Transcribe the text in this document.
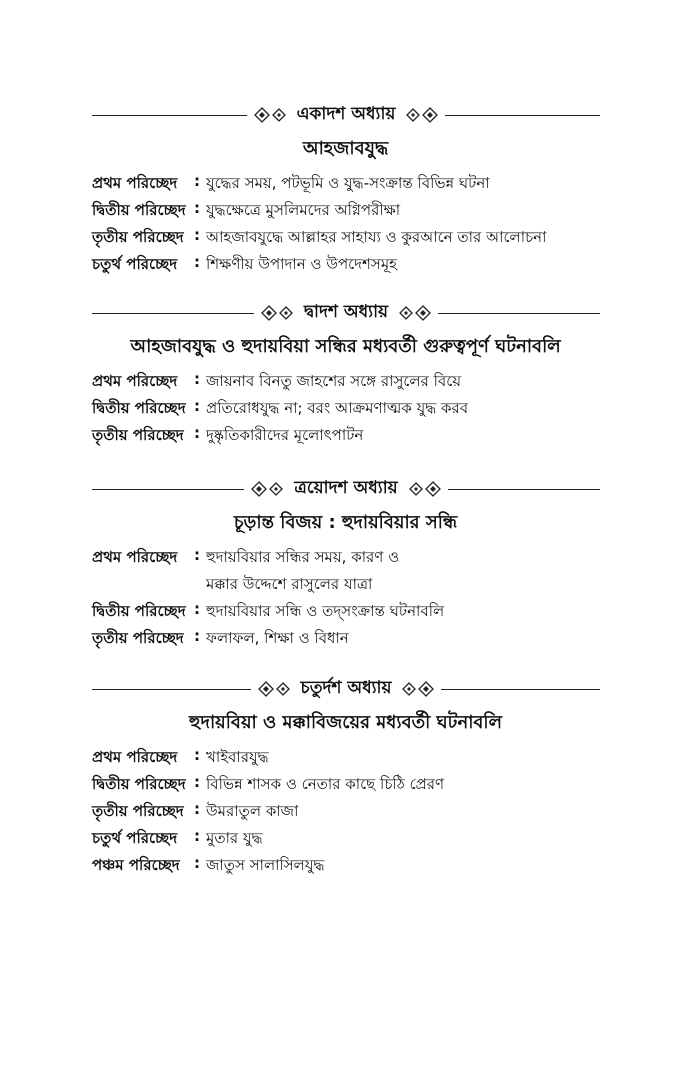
একাদশ অধ্যায়
আহজাবযুদ্ধ
প্রথম পরিচ্ছেদ : যুদ্ধের সময়, পটভূমি ও যুদ্ধ-সংক্রান্ত বিভিন্ন ঘটনা
দ্বিতীয় পরিচ্ছেদ : যুদ্ধক্ষেত্রে মুসলিমদের অগ্নিপরীক্ষা
তৃতীয় পরিচ্ছেদ : আহজাবযুদ্ধে আল্লাহর সাহায্য ও কুরআনে তার আলোচনা
চতুর্থ পরিচ্ছেদ : শিক্ষণীয় উপাদান ও উপদেশসমূহ
দ্বাদশ অধ্যায়
আহজাবযুদ্ধ ও হুদায়বিয়া সন্ধির মধ্যবর্তী গুরুত্বপূর্ণ ঘটনাবলি
প্রথম পরিচ্ছেদ : জায়নাব বিনতু জাহশের সঙ্গে রাসুলের বিয়ে
দ্বিতীয় পরিচ্ছেদ : প্রতিরোধযুদ্ধ না; বরং আক্রমণাত্মক যুদ্ধ করব
তৃতীয় পরিচ্ছেদ : দুষ্কৃতিকারীদের মূলোৎপাটন
ত্রয়োদশ অধ্যায়
চূড়ান্ত বিজয় : হুদায়বিয়ার সন্ধি
প্রথম পরিচ্ছেদ : হুদায়বিয়ার সন্ধির সময়, কারণ ও
মক্কার উদ্দেশে রাসুলের যাত্রা
দ্বিতীয় পরিচ্ছেদ : হুদায়বিয়ার সন্ধি ও তদ্‌সংক্রান্ত ঘটনাবলি
তৃতীয় পরিচ্ছেদ : ফলাফল, শিক্ষা ও বিধান
চতুর্দশ অধ্যায়
হুদায়বিয়া ও মক্কাবিজয়ের মধ্যবর্তী ঘটনাবলি
প্রথম পরিচ্ছেদ : খাইবারযুদ্ধ
দ্বিতীয় পরিচ্ছেদ : বিভিন্ন শাসক ও নেতার কাছে চিঠি প্রেরণ
তৃতীয় পরিচ্ছেদ : উমরাতুল কাজা
চতুর্থ পরিচ্ছেদ : মুতার যুদ্ধ
পঞ্চম পরিচ্ছেদ : জাতুস সালাসিলযুদ্ধ
